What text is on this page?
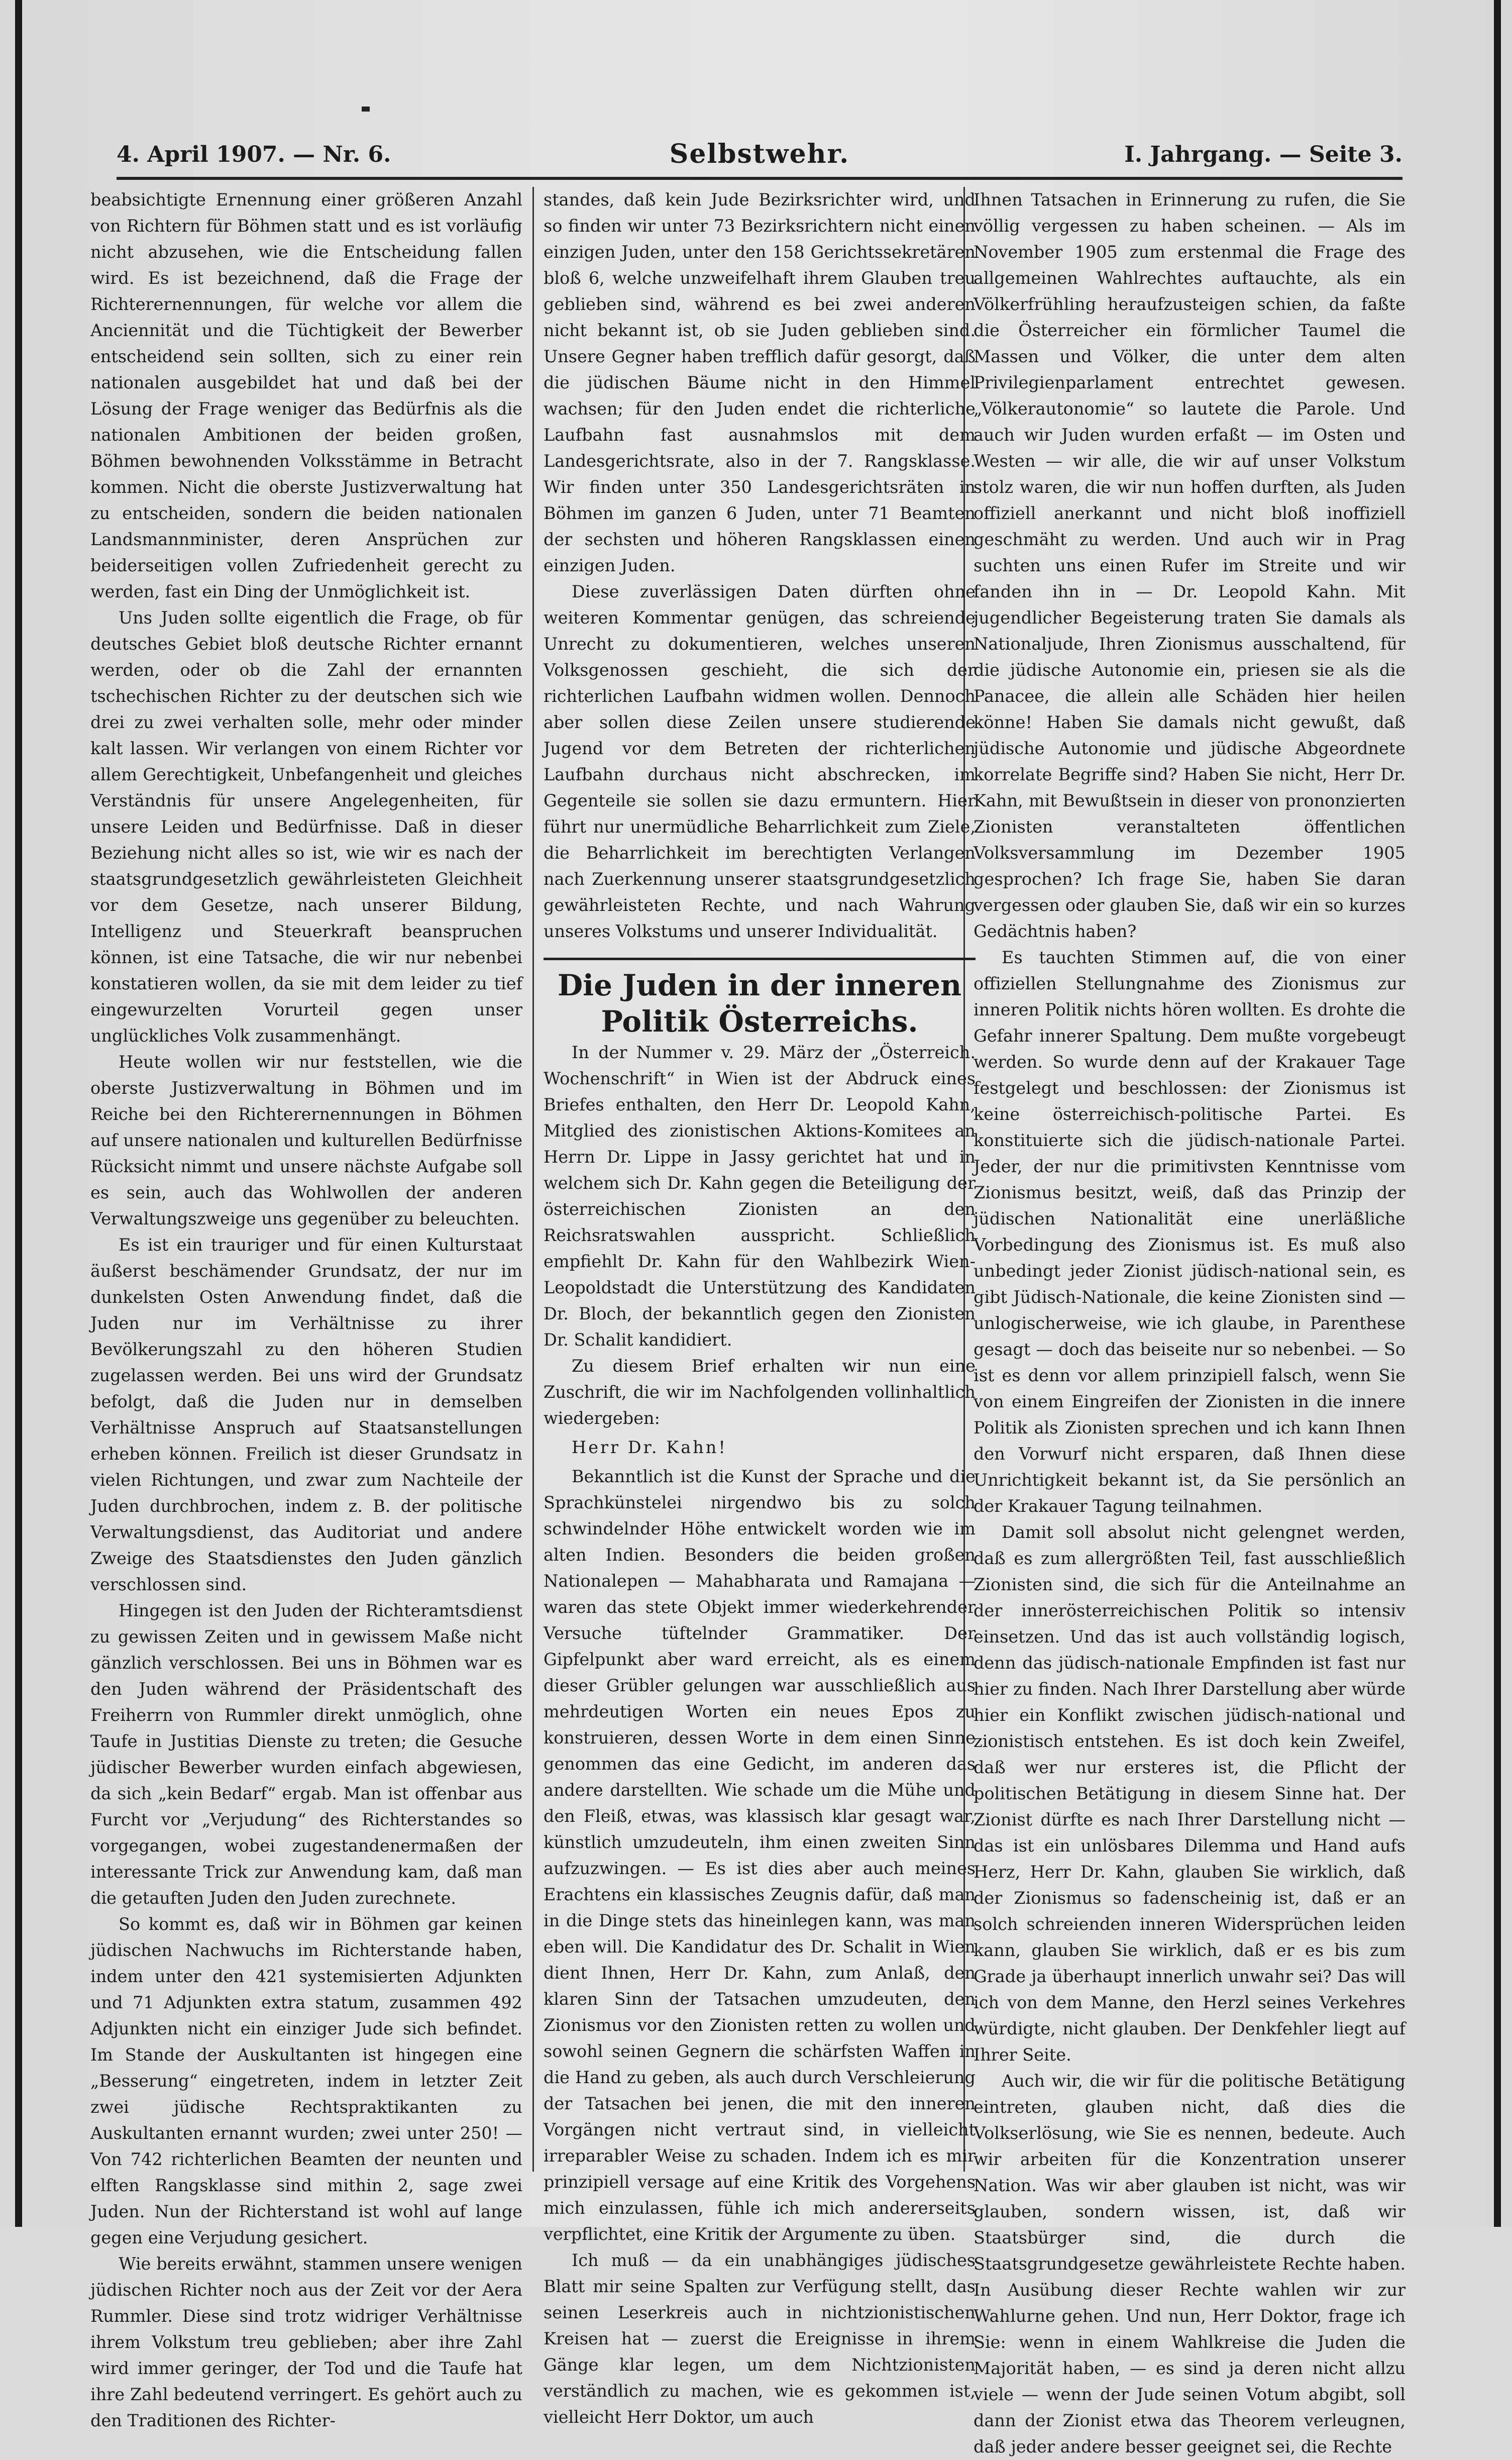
4. April 1907. — Nr. 6.	Selbstwehr.	I. Jahrgang. — Seite 3.

beabsichtigte Ernennung einer größeren Anzahl von Richtern für Böhmen statt und es ist vorläufig nicht abzusehen, wie die Entscheidung fallen wird. Es ist bezeichnend, daß die Frage der Richterernennungen, für welche vor allem die Anciennität und die Tüchtigkeit der Bewerber entscheidend sein sollten, sich zu einer rein nationalen ausgebildet hat und daß bei der Lösung der Frage weniger das Bedürfnis als die nationalen Ambitionen der beiden großen, Böhmen bewohnenden Volksstämme in Betracht kommen. Nicht die oberste Justizverwaltung hat zu entscheiden, sondern die beiden nationalen Landsmannminister, deren Ansprüchen zur beiderseitigen vollen Zufriedenheit gerecht zu werden, fast ein Ding der Unmöglichkeit ist.

Uns Juden sollte eigentlich die Frage, ob für deutsches Gebiet bloß deutsche Richter ernannt werden, oder ob die Zahl der ernannten tschechischen Richter zu der deutschen sich wie drei zu zwei verhalten solle, mehr oder minder kalt lassen. Wir verlangen von einem Richter vor allem Gerechtigkeit, Unbefangenheit und gleiches Verständnis für unsere Angelegenheiten, für unsere Leiden und Bedürfnisse. Daß in dieser Beziehung nicht alles so ist, wie wir es nach der staatsgrundgesetzlich gewährleisteten Gleichheit vor dem Gesetze, nach unserer Bildung, Intelligenz und Steuerkraft beanspruchen können, ist eine Tatsache, die wir nur nebenbei konstatieren wollen, da sie mit dem leider zu tief eingewurzelten Vorurteil gegen unser unglückliches Volk zusammenhängt.

Heute wollen wir nur feststellen, wie die oberste Justizverwaltung in Böhmen und im Reiche bei den Richterernennungen in Böhmen auf unsere nationalen und kulturellen Bedürfnisse Rücksicht nimmt und unsere nächste Aufgabe soll es sein, auch das Wohlwollen der anderen Verwaltungszweige uns gegenüber zu beleuchten.

Es ist ein trauriger und für einen Kulturstaat äußerst beschämender Grundsatz, der nur im dunkelsten Osten Anwendung findet, daß die Juden nur im Verhältnisse zu ihrer Bevölkerungszahl zu den höheren Studien zugelassen werden. Bei uns wird der Grundsatz befolgt, daß die Juden nur in demselben Verhältnisse Anspruch auf Staatsanstellungen erheben können. Freilich ist dieser Grundsatz in vielen Richtungen, und zwar zum Nachteile der Juden durchbrochen, indem z. B. der politische Verwaltungsdienst, das Auditoriat und andere Zweige des Staatsdienstes den Juden gänzlich verschlossen sind.

Hingegen ist den Juden der Richteramtsdienst zu gewissen Zeiten und in gewissem Maße nicht gänzlich verschlossen. Bei uns in Böhmen war es den Juden während der Präsidentschaft des Freiherrn von Rummler direkt unmöglich, ohne Taufe in Justitias Dienste zu treten; die Gesuche jüdischer Bewerber wurden einfach abgewiesen, da sich „kein Bedarf“ ergab. Man ist offenbar aus Furcht vor „Verjudung“ des Richterstandes so vorgegangen, wobei zugestandenermaßen der interessante Trick zur Anwendung kam, daß man die getauften Juden den Juden zurechnete.

So kommt es, daß wir in Böhmen gar keinen jüdischen Nachwuchs im Richterstande haben, indem unter den 421 systemisierten Adjunkten und 71 Adjunkten extra statum, zusammen 492 Adjunkten nicht ein einziger Jude sich befindet. Im Stande der Auskultanten ist hingegen eine „Besserung“ eingetreten, indem in letzter Zeit zwei jüdische Rechtspraktikanten zu Auskultanten ernannt wurden; zwei unter 250! — Von 742 richterlichen Beamten der neunten und elften Rangsklasse sind mithin 2, sage zwei Juden. Nun der Richterstand ist wohl auf lange gegen eine Verjudung gesichert.

Wie bereits erwähnt, stammen unsere wenigen jüdischen Richter noch aus der Zeit vor der Aera Rummler. Diese sind trotz widriger Verhältnisse ihrem Volkstum treu geblieben; aber ihre Zahl wird immer geringer, der Tod und die Taufe hat ihre Zahl bedeutend verringert. Es gehört auch zu den Traditionen des Richter-

standes, daß kein Jude Bezirksrichter wird, und so finden wir unter 73 Bezirksrichtern nicht einen einzigen Juden, unter den 158 Gerichtssekretären bloß 6, welche unzweifelhaft ihrem Glauben treu geblieben sind, während es bei zwei anderen nicht bekannt ist, ob sie Juden geblieben sind. Unsere Gegner haben trefflich dafür gesorgt, daß die jüdischen Bäume nicht in den Himmel wachsen; für den Juden endet die richterliche Laufbahn fast ausnahmslos mit dem Landesgerichtsrate, also in der 7. Rangsklasse. Wir finden unter 350 Landesgerichtsräten in Böhmen im ganzen 6 Juden, unter 71 Beamten der sechsten und höheren Rangsklassen einen einzigen Juden.

Diese zuverlässigen Daten dürften ohne weiteren Kommentar genügen, das schreiende Unrecht zu dokumentieren, welches unseren Volksgenossen geschieht, die sich der richterlichen Laufbahn widmen wollen. Dennoch aber sollen diese Zeilen unsere studierende Jugend vor dem Betreten der richterlichen Laufbahn durchaus nicht abschrecken, im Gegenteile sie sollen sie dazu ermuntern. Hier führt nur unermüdliche Beharrlichkeit zum Ziele, die Beharrlichkeit im berechtigten Verlangen nach Zuerkennung unserer staatsgrundgesetzlich gewährleisteten Rechte, und nach Wahrung unseres Volkstums und unserer Individualität.

Die Juden in der inneren Politik Österreichs.

In der Nummer v. 29. März der „Österreich. Wochenschrift“ in Wien ist der Abdruck eines Briefes enthalten, den Herr Dr. Leopold Kahn, Mitglied des zionistischen Aktions-Komitees an Herrn Dr. Lippe in Jassy gerichtet hat und in welchem sich Dr. Kahn gegen die Beteiligung der österreichischen Zionisten an den Reichsratswahlen ausspricht. Schließlich empfiehlt Dr. Kahn für den Wahlbezirk Wien-Leopoldstadt die Unterstützung des Kandidaten Dr. Bloch, der bekanntlich gegen den Zionisten Dr. Schalit kandidiert.

Zu diesem Brief erhalten wir nun eine Zuschrift, die wir im Nachfolgenden vollinhaltlich wiedergeben:

Herr Dr. Kahn!

Bekanntlich ist die Kunst der Sprache und die Sprachkünstelei nirgendwo bis zu solch schwindelnder Höhe entwickelt worden wie im alten Indien. Besonders die beiden großen Nationalepen — Mahabharata und Ramajana — waren das stete Objekt immer wiederkehrender Versuche tüftelnder Grammatiker. Der Gipfelpunkt aber ward erreicht, als es einem dieser Grübler gelungen war ausschließlich aus mehrdeutigen Worten ein neues Epos zu konstruieren, dessen Worte in dem einen Sinne genommen das eine Gedicht, im anderen das andere darstellten. Wie schade um die Mühe und den Fleiß, etwas, was klassisch klar gesagt war, künstlich umzudeuteln, ihm einen zweiten Sinn aufzuzwingen. — Es ist dies aber auch meines Erachtens ein klassisches Zeugnis dafür, daß man in die Dinge stets das hineinlegen kann, was man eben will. Die Kandidatur des Dr. Schalit in Wien dient Ihnen, Herr Dr. Kahn, zum Anlaß, den klaren Sinn der Tatsachen umzudeuten, den Zionismus vor den Zionisten retten zu wollen und sowohl seinen Gegnern die schärfsten Waffen in die Hand zu geben, als auch durch Verschleierung der Tatsachen bei jenen, die mit den inneren Vorgängen nicht vertraut sind, in vielleicht irreparabler Weise zu schaden. Indem ich es mir prinzipiell versage auf eine Kritik des Vorgehens mich einzulassen, fühle ich mich andererseits verpflichtet, eine Kritik der Argumente zu üben.

Ich muß — da ein unabhängiges jüdisches Blatt mir seine Spalten zur Verfügung stellt, das seinen Leserkreis auch in nichtzionistischen Kreisen hat — zuerst die Ereignisse in ihrem Gänge klar legen, um dem Nichtzionisten verständlich zu machen, wie es gekommen ist, vielleicht Herr Doktor, um auch

Ihnen Tatsachen in Erinnerung zu rufen, die Sie völlig vergessen zu haben scheinen. — Als im November 1905 zum erstenmal die Frage des allgemeinen Wahlrechtes auftauchte, als ein Völkerfrühling heraufzusteigen schien, da faßte die Österreicher ein förmlicher Taumel die Massen und Völker, die unter dem alten Privilegienparlament entrechtet gewesen. „Völkerautonomie“ so lautete die Parole. Und auch wir Juden wurden erfaßt — im Osten und Westen — wir alle, die wir auf unser Volkstum stolz waren, die wir nun hoffen durften, als Juden offiziell anerkannt und nicht bloß inoffiziell geschmäht zu werden. Und auch wir in Prag suchten uns einen Rufer im Streite und wir fanden ihn in — Dr. Leopold Kahn. Mit jugendlicher Begeisterung traten Sie damals als Nationaljude, Ihren Zionismus ausschaltend, für die jüdische Autonomie ein, priesen sie als die Panacee, die allein alle Schäden hier heilen könne! Haben Sie damals nicht gewußt, daß jüdische Autonomie und jüdische Abgeordnete korrelate Begriffe sind? Haben Sie nicht, Herr Dr. Kahn, mit Bewußtsein in dieser von prononzierten Zionisten veranstalteten öffentlichen Volksversammlung im Dezember 1905 gesprochen? Ich frage Sie, haben Sie daran vergessen oder glauben Sie, daß wir ein so kurzes Gedächtnis haben?

Es tauchten Stimmen auf, die von einer offiziellen Stellungnahme des Zionismus zur inneren Politik nichts hören wollten. Es drohte die Gefahr innerer Spaltung. Dem mußte vorgebeugt werden. So wurde denn auf der Krakauer Tage festgelegt und beschlossen: der Zionismus ist keine österreichisch-politische Partei. Es konstituierte sich die jüdisch-nationale Partei. Jeder, der nur die primitivsten Kenntnisse vom Zionismus besitzt, weiß, daß das Prinzip der jüdischen Nationalität eine unerläßliche Vorbedingung des Zionismus ist. Es muß also unbedingt jeder Zionist jüdisch-national sein, es gibt Jüdisch-Nationale, die keine Zionisten sind — unlogischerweise, wie ich glaube, in Parenthese gesagt — doch das beiseite nur so nebenbei. — So ist es denn vor allem prinzipiell falsch, wenn Sie von einem Eingreifen der Zionisten in die innere Politik als Zionisten sprechen und ich kann Ihnen den Vorwurf nicht ersparen, daß Ihnen diese Unrichtigkeit bekannt ist, da Sie persönlich an der Krakauer Tagung teilnahmen.

Damit soll absolut nicht gelengnet werden, daß es zum allergrößten Teil, fast ausschließlich Zionisten sind, die sich für die Anteilnahme an der innerösterreichischen Politik so intensiv einsetzen. Und das ist auch vollständig logisch, denn das jüdisch-nationale Empfinden ist fast nur hier zu finden. Nach Ihrer Darstellung aber würde hier ein Konflikt zwischen jüdisch-national und zionistisch entstehen. Es ist doch kein Zweifel, daß wer nur ersteres ist, die Pflicht der politischen Betätigung in diesem Sinne hat. Der Zionist dürfte es nach Ihrer Darstellung nicht — das ist ein unlösbares Dilemma und Hand aufs Herz, Herr Dr. Kahn, glauben Sie wirklich, daß der Zionismus so fadenscheinig ist, daß er an solch schreienden inneren Widersprüchen leiden kann, glauben Sie wirklich, daß er es bis zum Grade ja überhaupt innerlich unwahr sei? Das will ich von dem Manne, den Herzl seines Verkehres würdigte, nicht glauben. Der Denkfehler liegt auf Ihrer Seite.

Auch wir, die wir für die politische Betätigung eintreten, glauben nicht, daß dies die Volkserlösung, wie Sie es nennen, bedeute. Auch wir arbeiten für die Konzentration unserer Nation. Was wir aber glauben ist nicht, was wir glauben, sondern wissen, ist, daß wir Staatsbürger sind, die durch die Staatsgrundgesetze gewährleistete Rechte haben. In Ausübung dieser Rechte wahlen wir zur Wahlurne gehen. Und nun, Herr Doktor, frage ich Sie: wenn in einem Wahlkreise die Juden die Majorität haben, — es sind ja deren nicht allzu viele — wenn der Jude seinen Votum abgibt, soll dann der Zionist etwa das Theorem verleugnen, daß jeder andere besser geeignet sei, die Rechte
